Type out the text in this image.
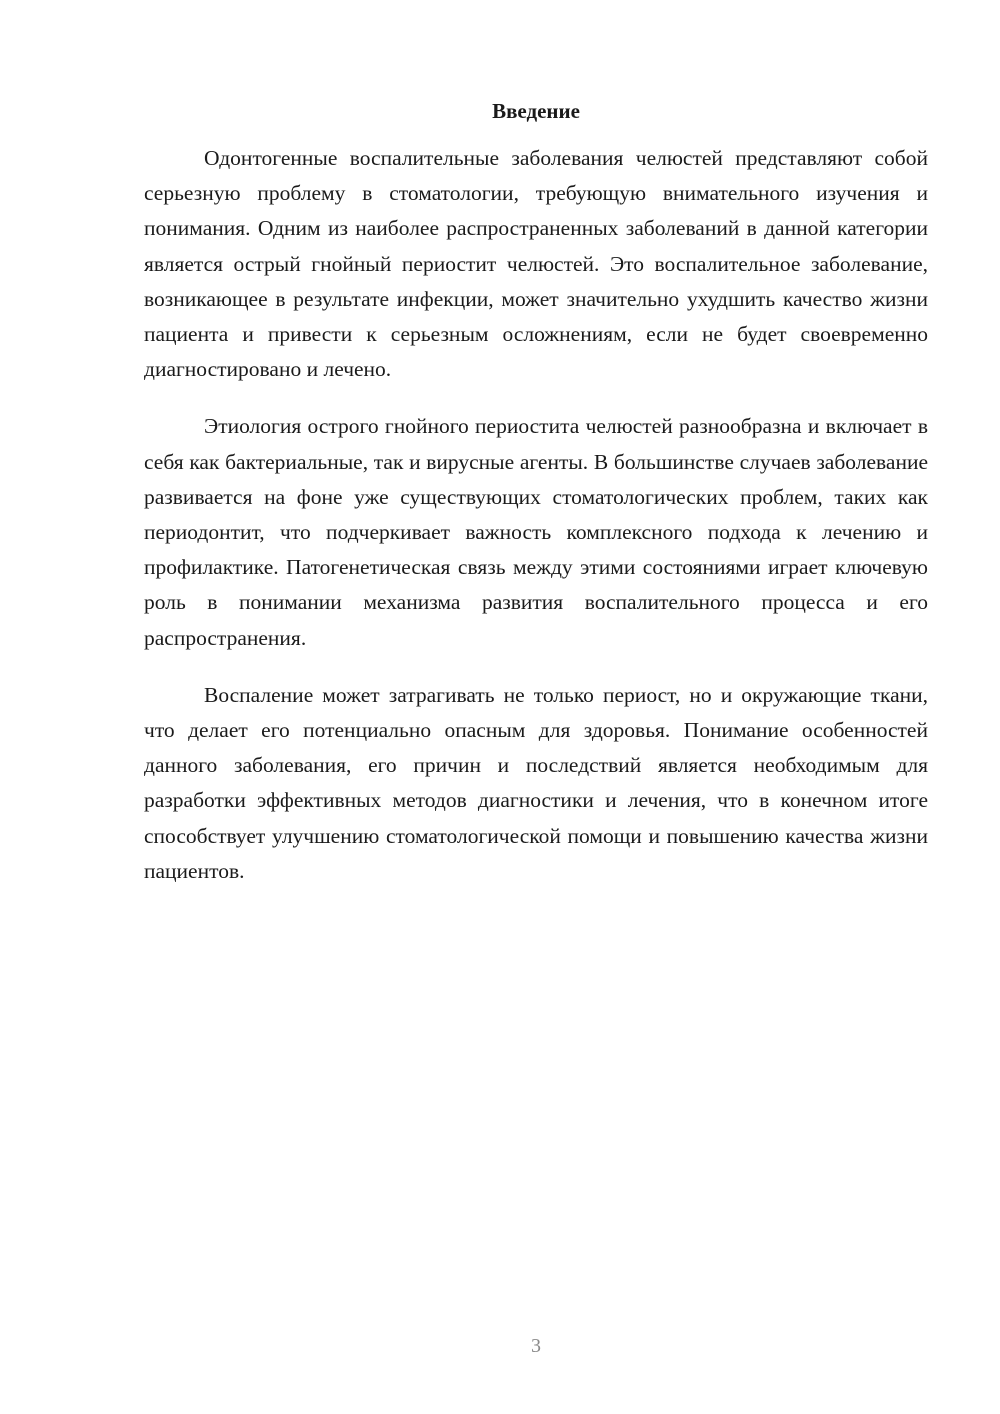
Введение

Одонтогенные воспалительные заболевания челюстей представляют собой серьезную проблему в стоматологии, требующую внимательного изучения и понимания. Одним из наиболее распространенных заболеваний в данной категории является острый гнойный периостит челюстей. Это воспалительное заболевание, возникающее в результате инфекции, может значительно ухудшить качество жизни пациента и привести к серьезным осложнениям, если не будет своевременно диагностировано и лечено.

Этиология острого гнойного периостита челюстей разнообразна и включает в себя как бактериальные, так и вирусные агенты. В большинстве случаев заболевание развивается на фоне уже существующих стоматологических проблем, таких как периодонтит, что подчеркивает важность комплексного подхода к лечению и профилактике. Патогенетическая связь между этими состояниями играет ключевую роль в понимании механизма развития воспалительного процесса и его распространения.

Воспаление может затрагивать не только периост, но и окружающие ткани, что делает его потенциально опасным для здоровья. Понимание особенностей данного заболевания, его причин и последствий является необходимым для разработки эффективных методов диагностики и лечения, что в конечном итоге способствует улучшению стоматологической помощи и повышению качества жизни пациентов.

3
